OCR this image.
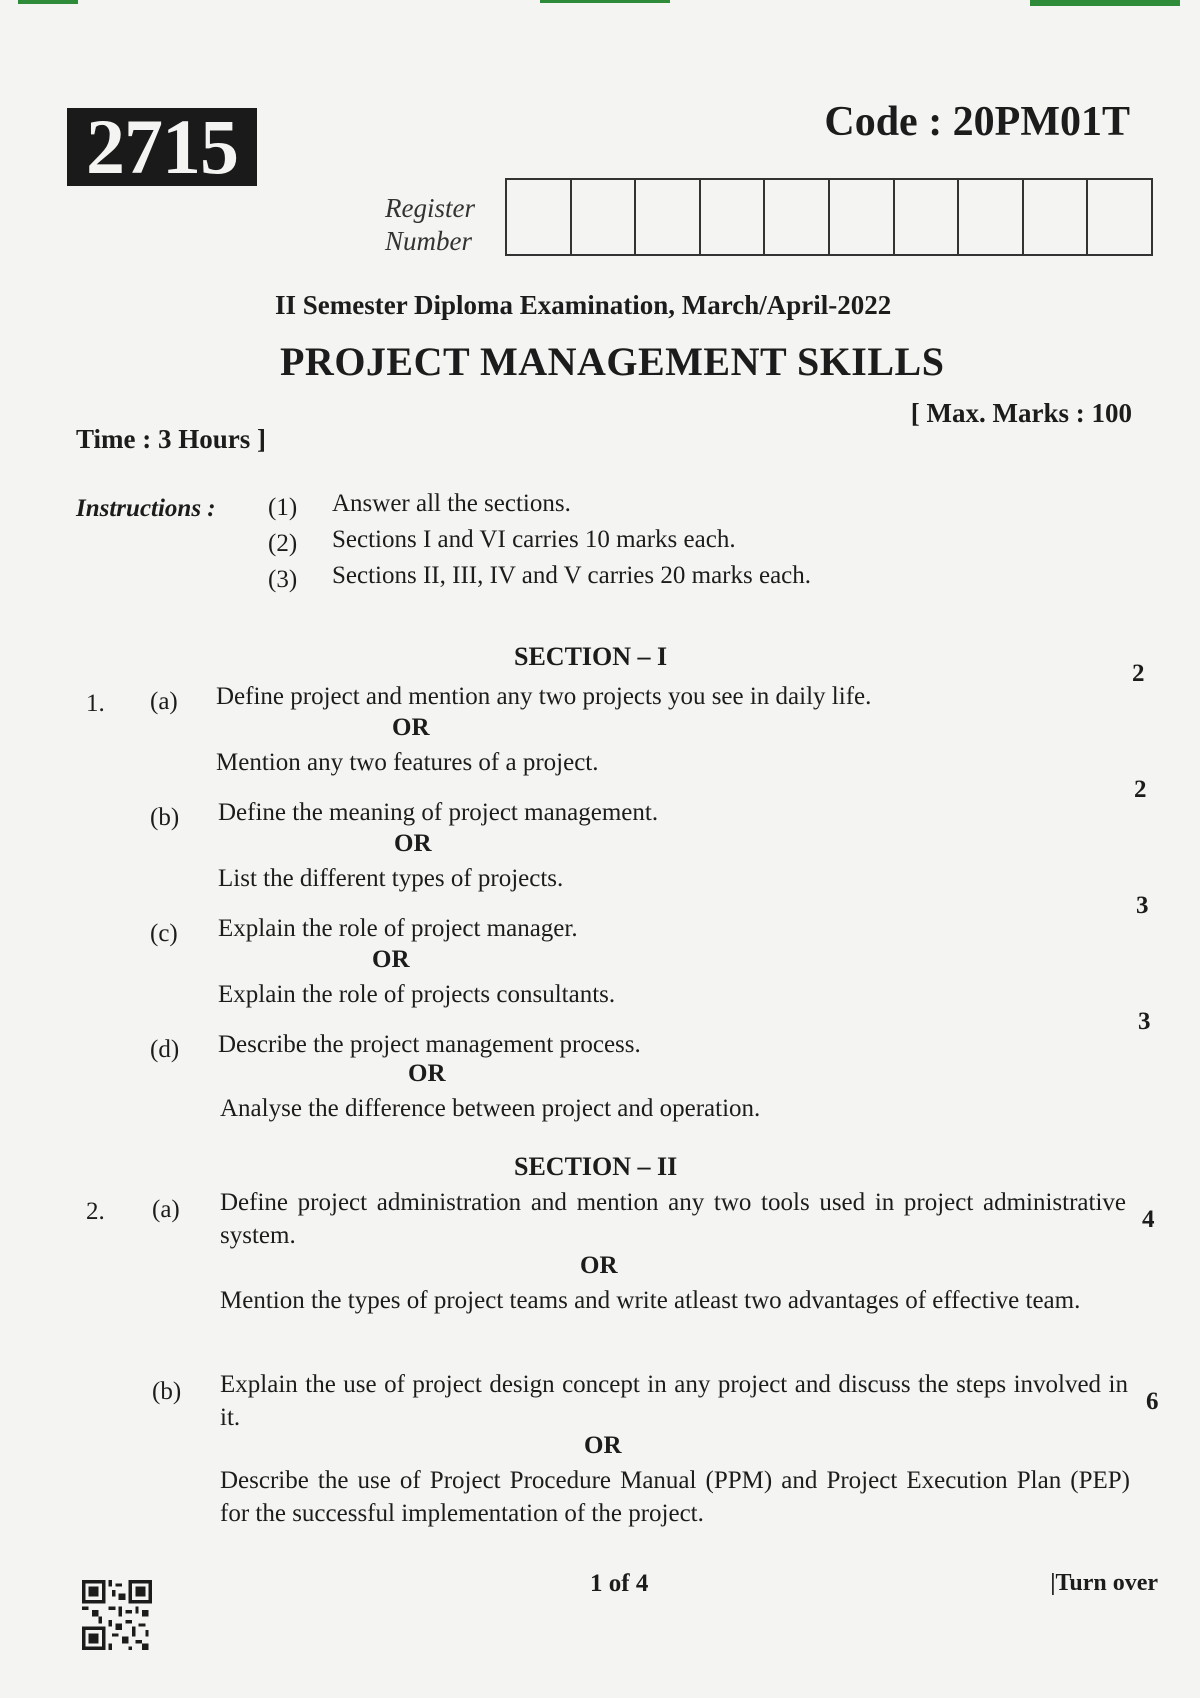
2715	Code : 20PM01T
Register
Number
II Semester Diploma Examination, March/April-2022
PROJECT MANAGEMENT SKILLS
[ Max. Marks : 100
Time : 3 Hours ]
Instructions : (1) Answer all the sections.
(2) Sections I and VI carries 10 marks each.
(3) Sections II, III, IV and V carries 20 marks each.
SECTION – I
1. (a) Define project and mention any two projects you see in daily life.
OR
Mention any two features of a project.
2
(b) Define the meaning of project management.
OR
List the different types of projects.
2
(c) Explain the role of project manager.
OR
Explain the role of projects consultants.
3
(d) Describe the project management process.
OR
Analyse the difference between project and operation.
3
SECTION – II
2. (a) Define project administration and mention any two tools used in project administrative system.
OR
Mention the types of project teams and write atleast two advantages of effective team.
4
(b) Explain the use of project design concept in any project and discuss the steps involved in it.
OR
Describe the use of Project Procedure Manual (PPM) and Project Execution Plan (PEP) for the successful implementation of the project.
6
1 of 4	|Turn over
